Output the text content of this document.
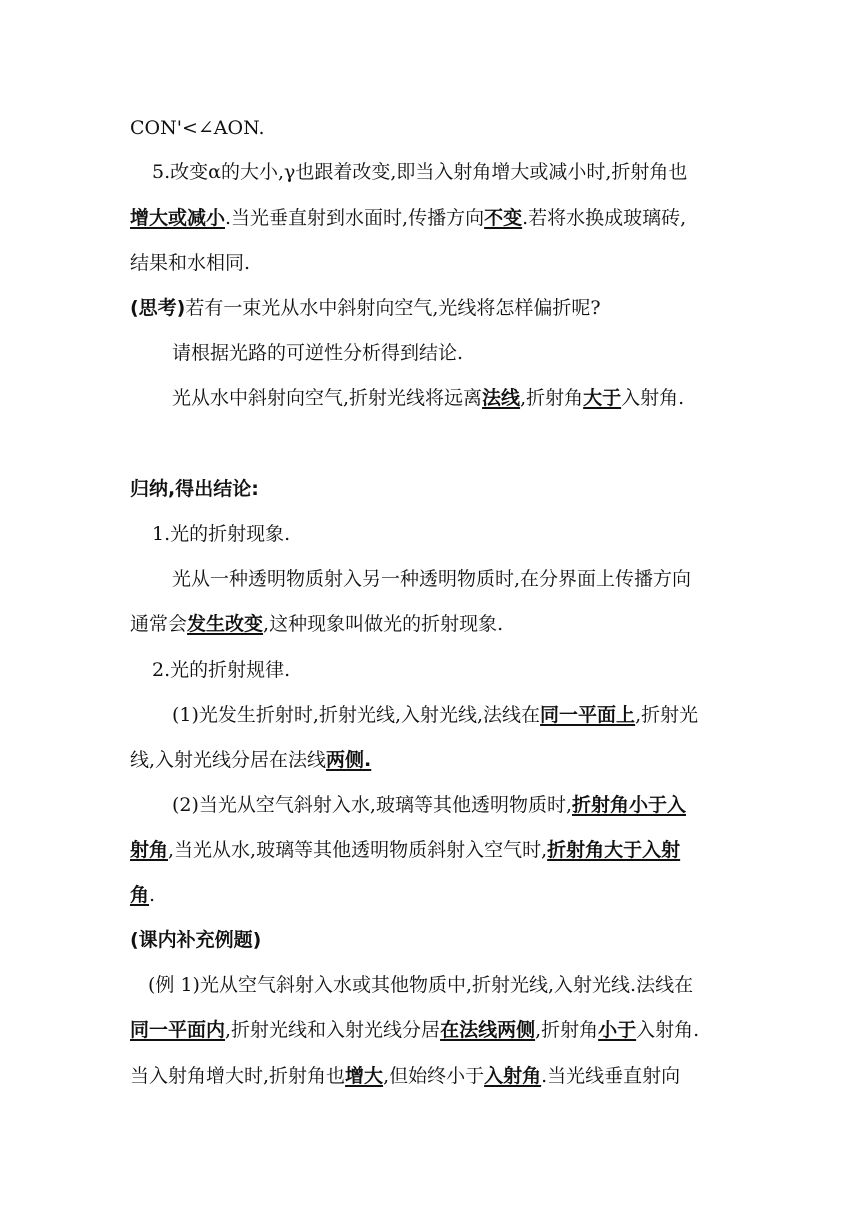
CON'<∠AON.
5.改变α的大小,γ也跟着改变,即当入射角增大或减小时,折射角也
增大或减小.当光垂直射到水面时,传播方向不变.若将水换成玻璃砖,
结果和水相同.
(思考)若有一束光从水中斜射向空气,光线将怎样偏折呢?
请根据光路的可逆性分析得到结论.
光从水中斜射向空气,折射光线将远离法线,折射角大于入射角.
归纳,得出结论:
1.光的折射现象.
光从一种透明物质射入另一种透明物质时,在分界面上传播方向
通常会发生改变,这种现象叫做光的折射现象.
2.光的折射规律.
(1)光发生折射时,折射光线,入射光线,法线在同一平面上,折射光
线,入射光线分居在法线两侧.
(2)当光从空气斜射入水,玻璃等其他透明物质时,折射角小于入
射角,当光从水,玻璃等其他透明物质斜射入空气时,折射角大于入射
角.
(课内补充例题)
(例 1)光从空气斜射入水或其他物质中,折射光线,入射光线.法线在
同一平面内,折射光线和入射光线分居在法线两侧,折射角小于入射角.
当入射角增大时,折射角也增大,但始终小于入射角.当光线垂直射向
